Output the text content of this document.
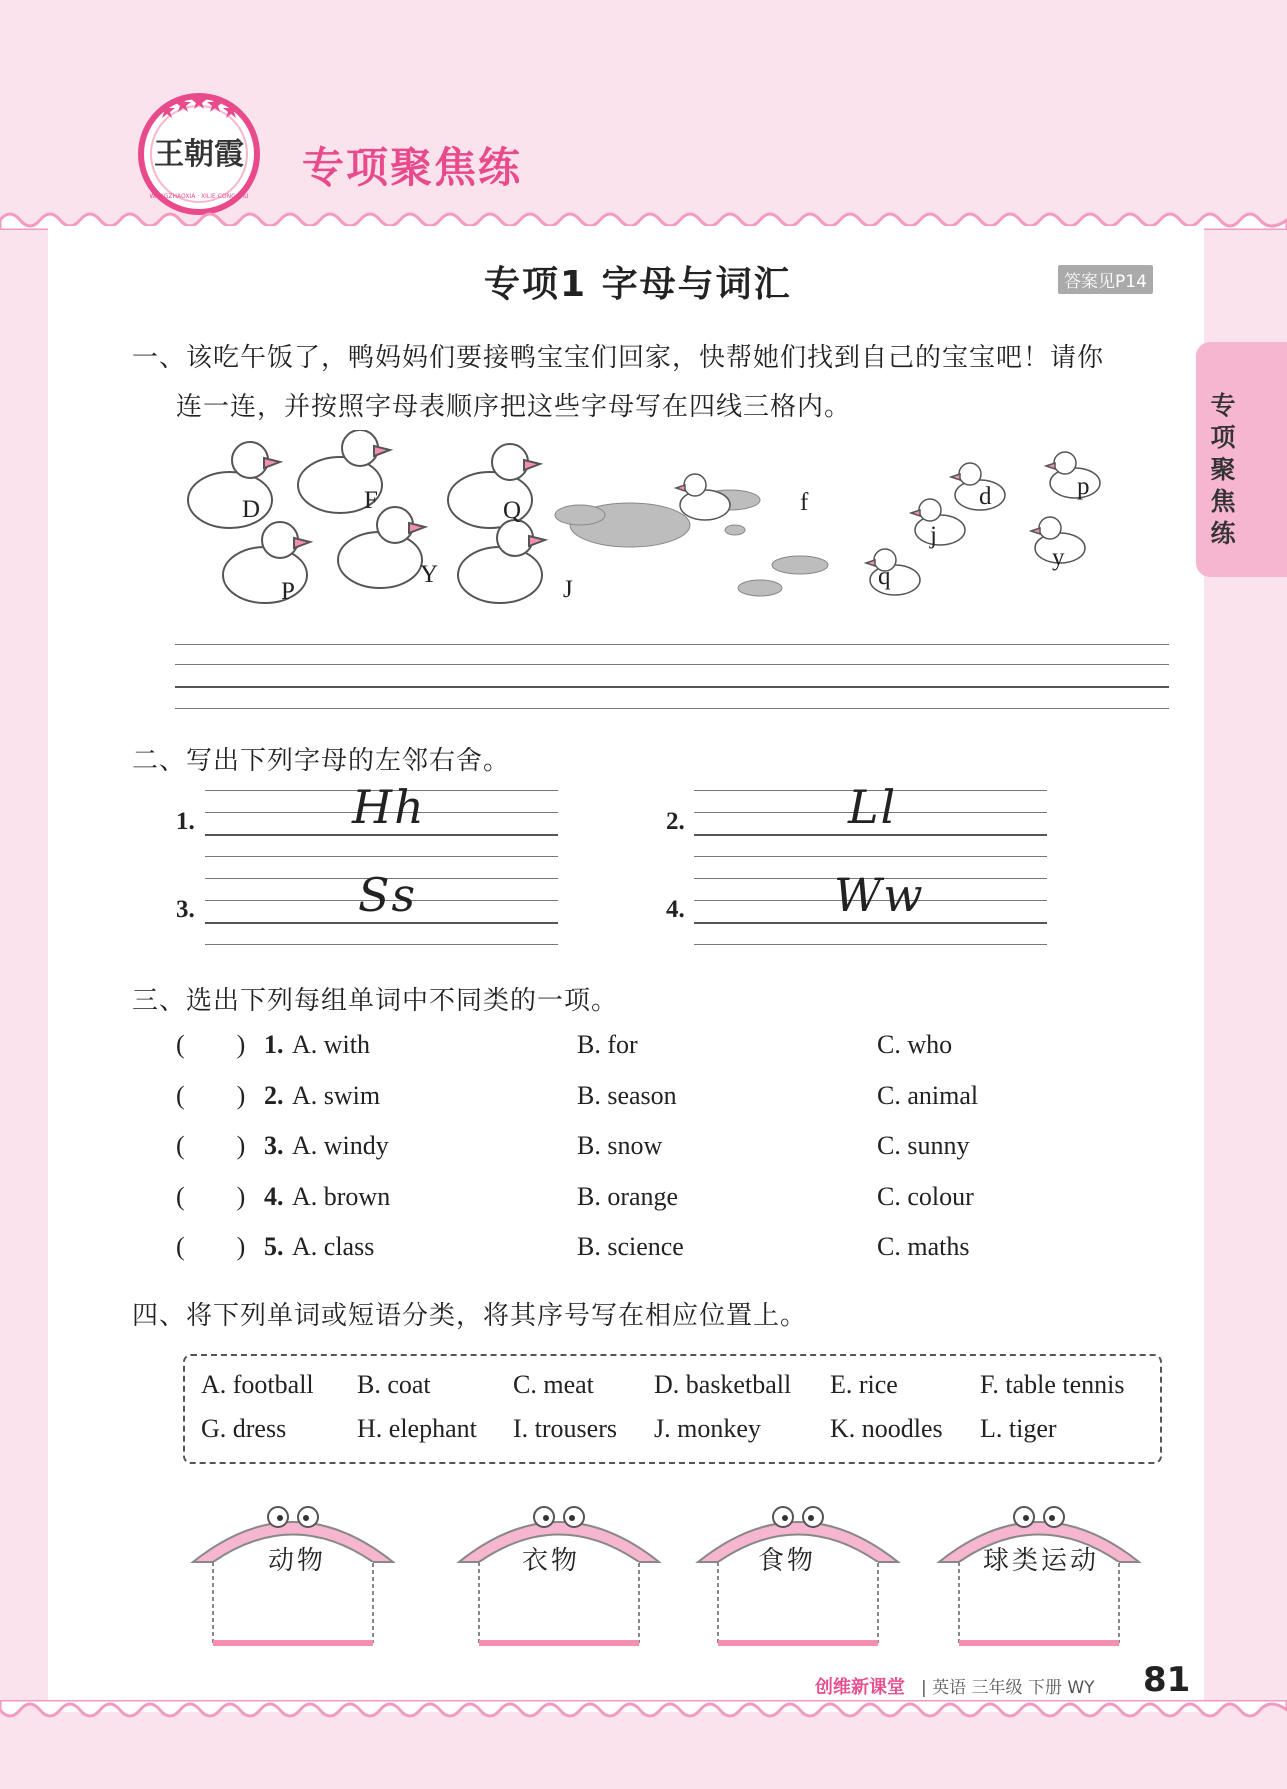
王朝霞
WANGZHAOXIA · XILIE CONGSHU
专项聚焦练
专项聚焦练
专项1 字母与词汇	答案见P14
一、该吃午饭了，鸭妈妈们要接鸭宝宝们回家，快帮她们找到自己的宝宝吧！请你
连一连，并按照字母表顺序把这些字母写在四线三格内。
D	F	Q
P
Y
J
f	d	p
j
y
q
二、写出下列字母的左邻右舍。
1.	Hh	2.	Ll
3.	Ss	4.	Ww
三、选出下列每组单词中不同类的一项。
(        ) 1. A. with	B. for	C. who
(        ) 2. A. swim	B. season	C. animal
(        ) 3. A. windy	B. snow	C. sunny
(        ) 4. A. brown	B. orange	C. colour
(        ) 5. A. class	B. science	C. maths
四、将下列单词或短语分类，将其序号写在相应位置上。
A. football B. coat	C. meat D. basketball E. rice	F. table tennis
G. dress	H. elephant I. trousers J. monkey	K. noodles L. tiger
动物	衣物	食物	球类运动
创维新课堂 | 英语 三年级 下册 WY 81
